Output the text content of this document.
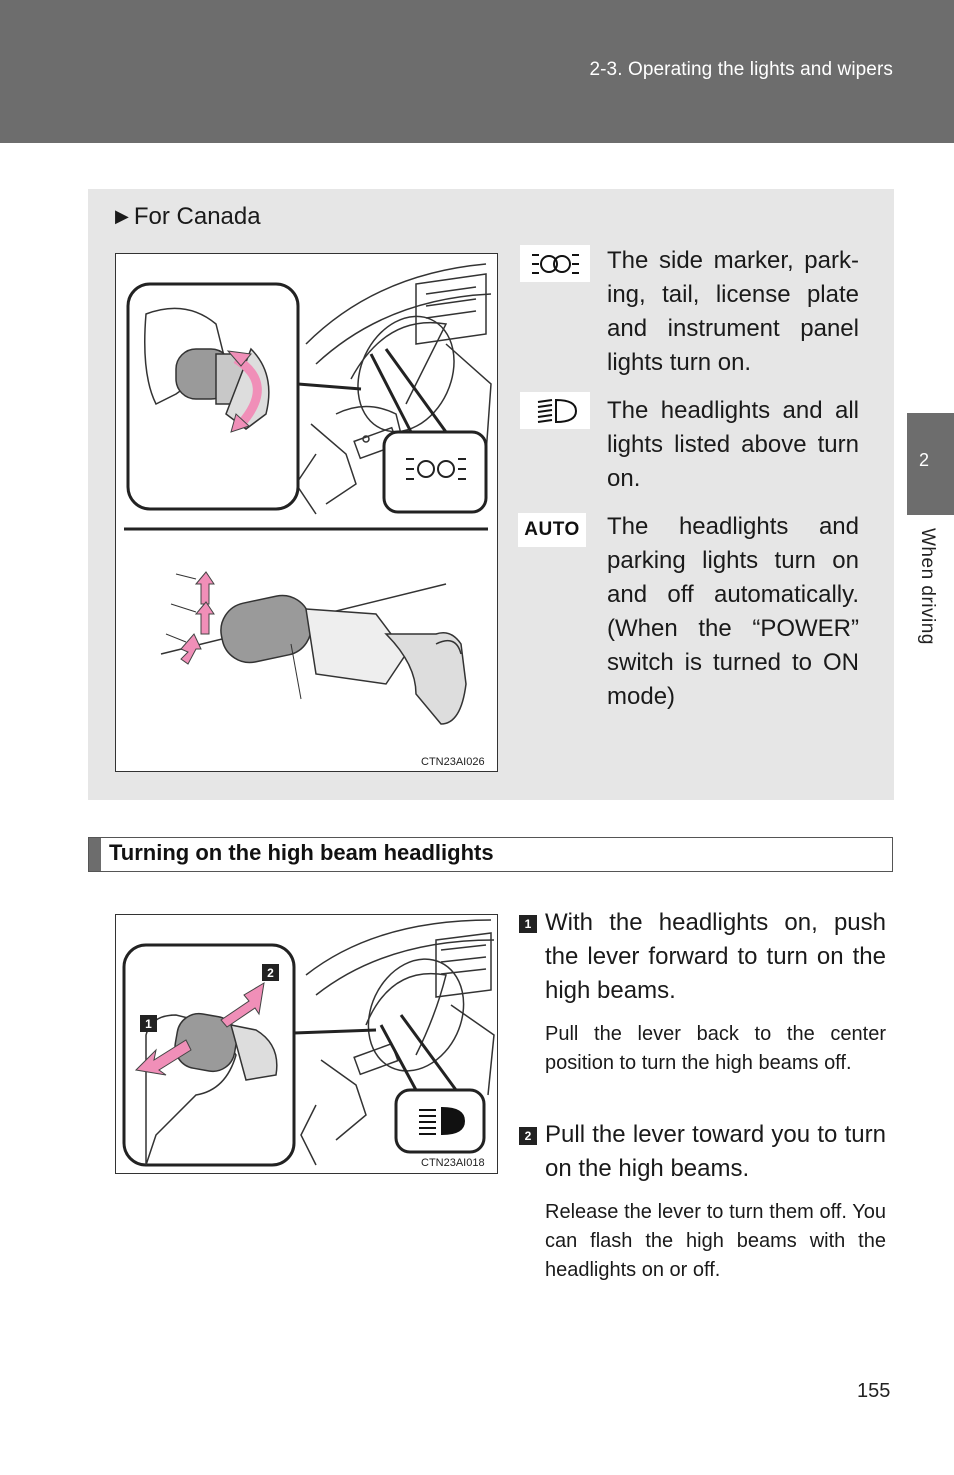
2-3. Operating the lights and wipers
2
When driving
▶ For Canada
CTN23AI026
The side marker, park-ing, tail, license plate and instrument panel lights turn on.
The headlights and all lights listed above turn on.
AUTO The headlights and parking lights turn on and off automatically. (When the “POWER” switch is turned to ON mode)
Turning on the high beam headlights
2
1
CTN23AI018
1 With the headlights on, push the lever forward to turn on the high beams.
Pull the lever back to the center position to turn the high beams off.
2 Pull the lever toward you to turn on the high beams.
Release the lever to turn them off. You can flash the high beams with the headlights on or off.
155
